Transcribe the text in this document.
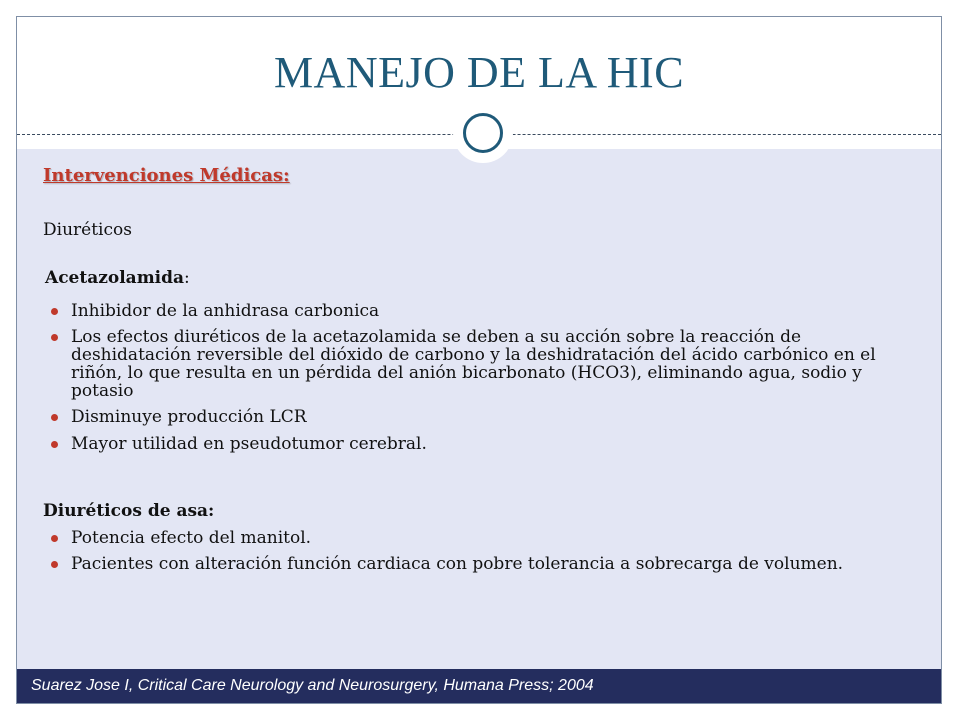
MANEJO DE LA HIC
Intervenciones Médicas:
Diuréticos
Acetazolamida:
Inhibidor de la anhidrasa carbonica
Los efectos diuréticos de la acetazolamida se deben a su acción sobre la reacción de deshidatación reversible del dióxido de carbono y la deshidratación del ácido carbónico en el riñón, lo que resulta en un pérdida del anión bicarbonato (HCO3), eliminando agua, sodio y potasio
Disminuye producción LCR
Mayor utilidad en pseudotumor cerebral.
Diuréticos de asa:
Potencia efecto del manitol.
Pacientes con alteración función cardiaca con pobre tolerancia a sobrecarga de volumen.
Suarez Jose I, Critical Care Neurology and Neurosurgery, Humana Press; 2004
